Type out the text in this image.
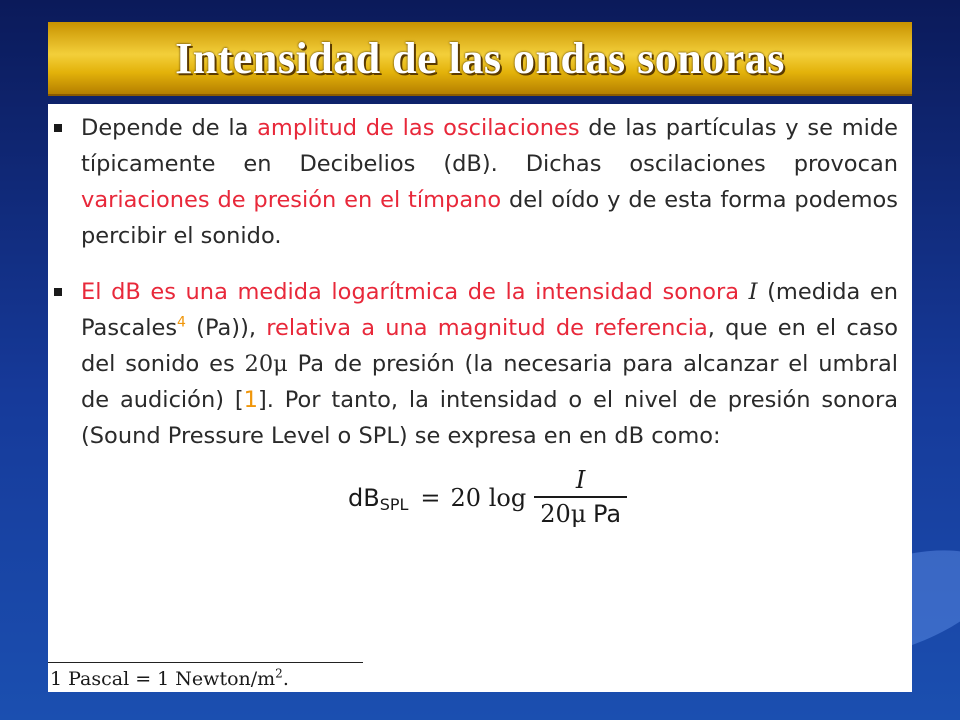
Intensidad de las ondas sonoras
Depende de la amplitud de las oscilaciones de las partículas y se mide típicamente en Decibelios (dB). Dichas oscilaciones provocan variaciones de presión en el tímpano del oído y de esta forma podemos percibir el sonido.
El dB es una medida logarítmica de la intensidad sonora I (medida en Pascales$^4$ (Pa)), relativa a una magnitud de referencia, que en el caso del sonido es 20μ Pa de presión (la necesaria para alcanzar el umbral de audición) [1]. Por tanto, la intensidad o el nivel de presión sonora (Sound Pressure Level o SPL) se expresa en en dB como:
dB SPL = 20 $\log \frac{I}{\text{20μ Pa}}$
1 Pascal = 1 Newton/$m^2$.
